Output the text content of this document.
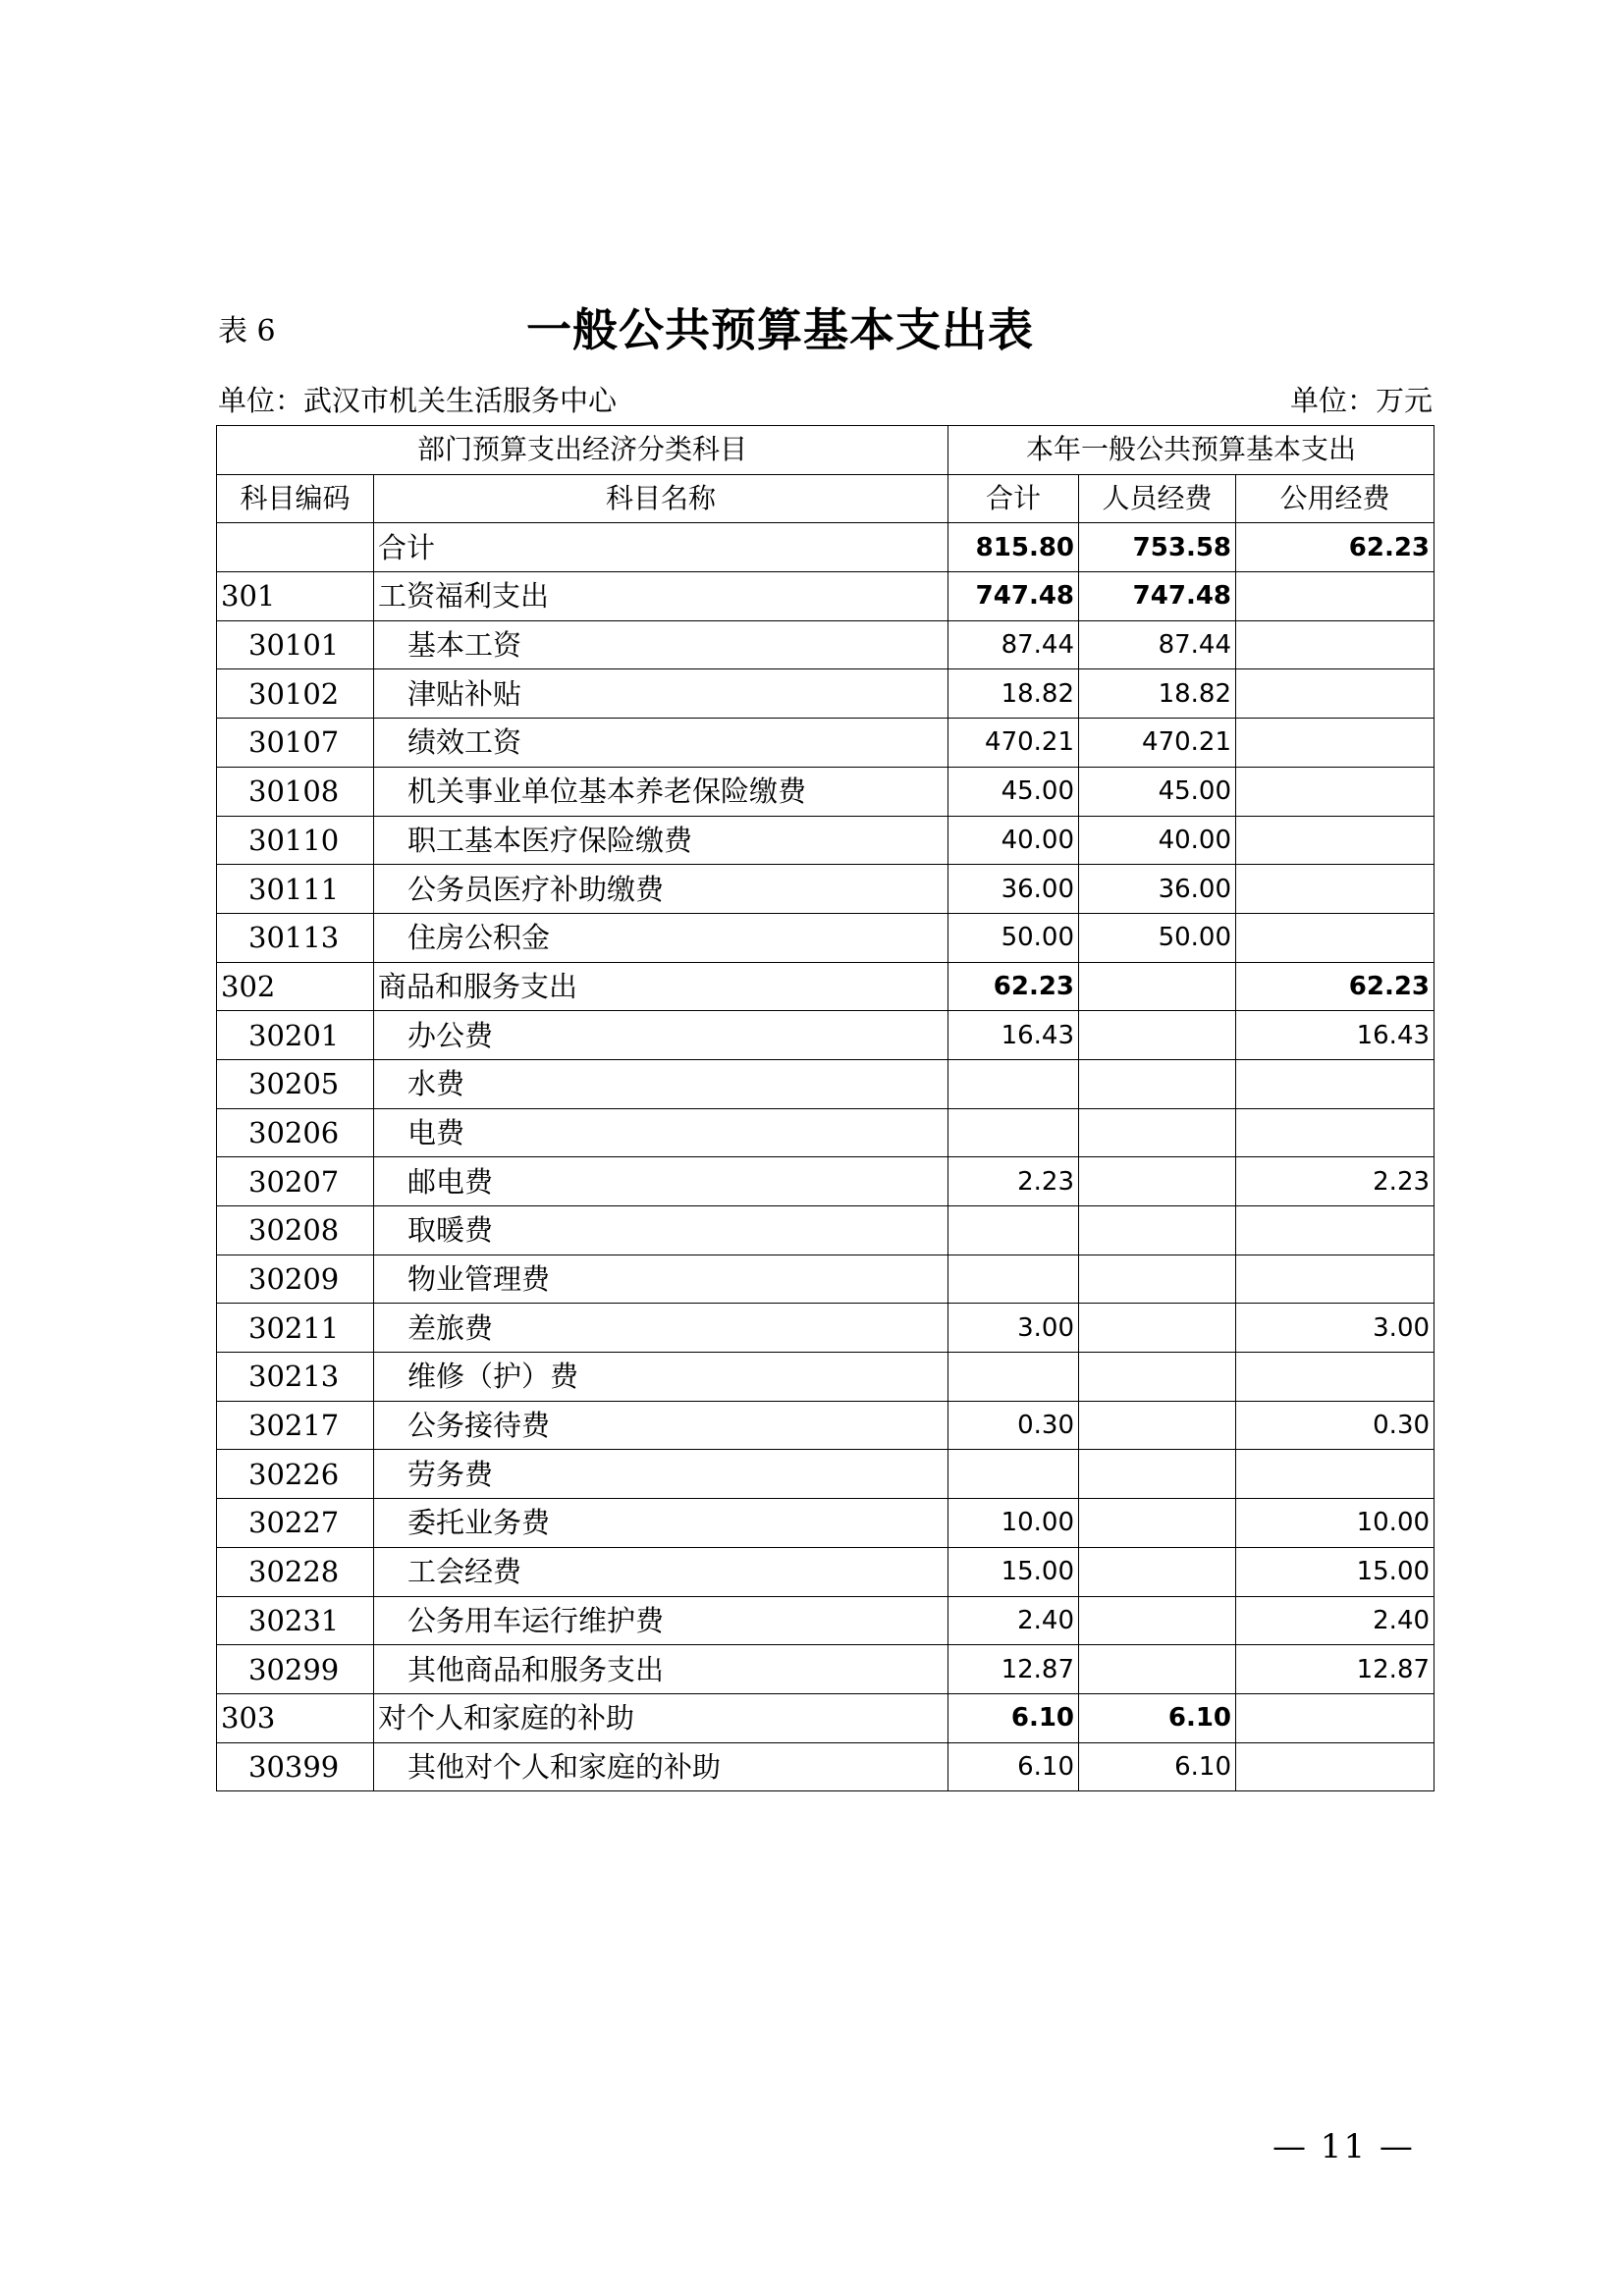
表 6	一般公共预算基本支出表
单位：武汉市机关生活服务中心	单位：万元
部门预算支出经济分类科目		本年一般公共预算基本支出		
科目编码	科目名称	合计	人员经费	公用经费
	合计	815.80	753.58	62.23
301	工资福利支出	747.48	747.48	
30101	基本工资	87.44	87.44	
30102	津贴补贴	18.82	18.82	
30107	绩效工资	470.21	470.21	
30108	机关事业单位基本养老保险缴费	45.00	45.00	
30110	职工基本医疗保险缴费	40.00	40.00	
30111	公务员医疗补助缴费	36.00	36.00	
30113	住房公积金	50.00	50.00	
302	商品和服务支出	62.23		62.23
30201	办公费	16.43		16.43
30205	水费			
30206	电费			
30207	邮电费	2.23		2.23
30208	取暖费			
30209	物业管理费			
30211	差旅费	3.00		3.00
30213	维修（护）费			
30217	公务接待费	0.30		0.30
30226	劳务费			
30227	委托业务费	10.00		10.00
30228	工会经费	15.00		15.00
30231	公务用车运行维护费	2.40		2.40
30299	其他商品和服务支出	12.87		12.87
303	对个人和家庭的补助	6.10	6.10	
30399	其他对个人和家庭的补助	6.10	6.10	
— 11 —
